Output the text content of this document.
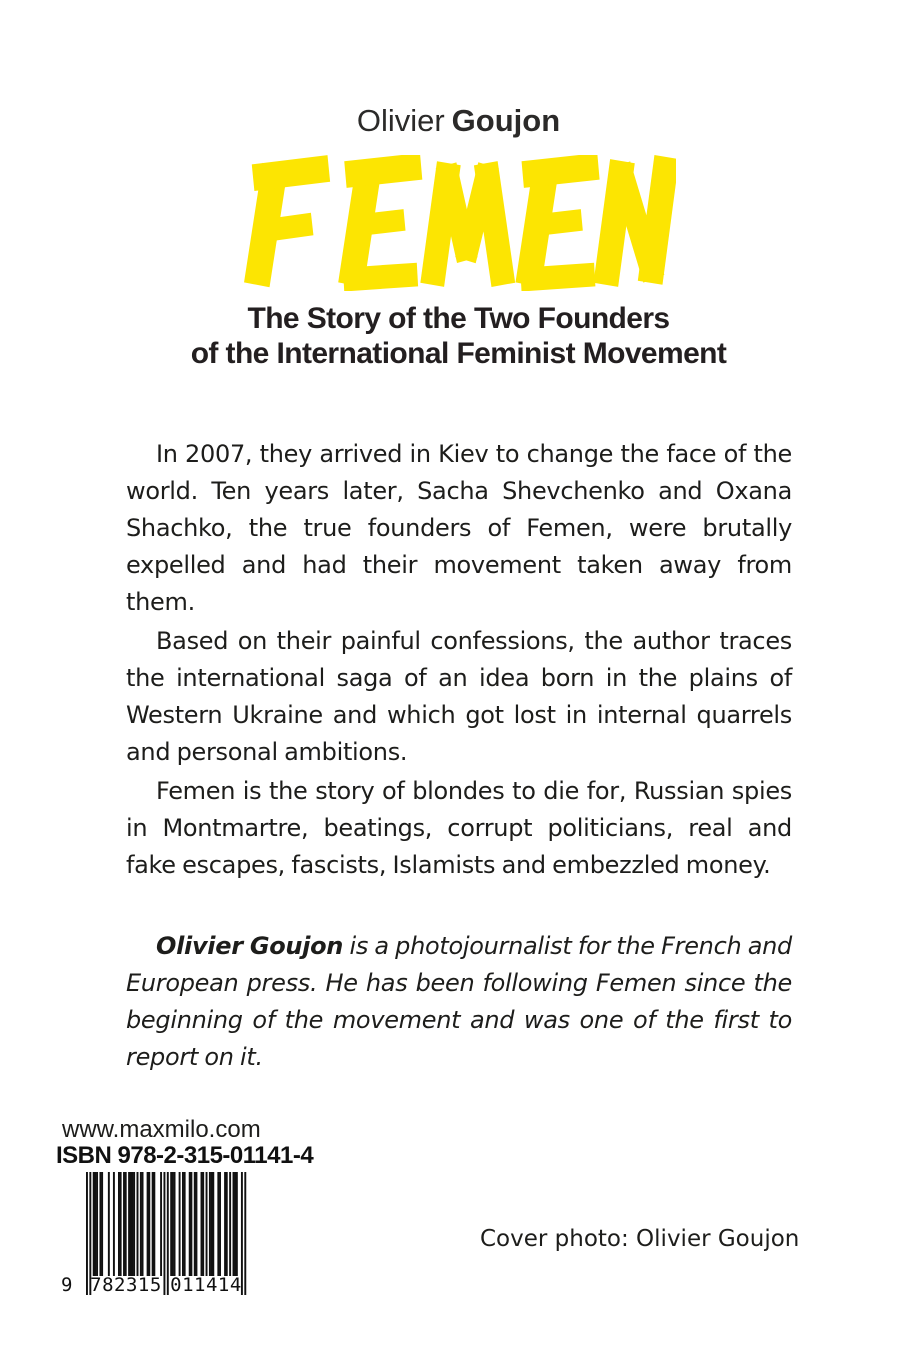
Olivier Goujon
The Story of the Two Founders
of the International Feminist Movement

In 2007, they arrived in Kiev to change the face of the world. Ten years later, Sacha Shevchenko and Oxana Shachko, the true founders of Femen, were brutally expelled and had their movement taken away from them.

Based on their painful confessions, the author traces the international saga of an idea born in the plains of Western Ukraine and which got lost in internal quarrels and personal ambitions.

Femen is the story of blondes to die for, Russian spies in Montmartre, beatings, corrupt politicians, real and fake escapes, fascists, Islamists and embezzled money.

Olivier Goujon is a photojournalist for the French and European press. He has been following Femen since the beginning of the movement and was one of the first to report on it.

www.maxmilo.com
ISBN 978-2-315-01141-4
9 782315 011414
Cover photo: Olivier Goujon
